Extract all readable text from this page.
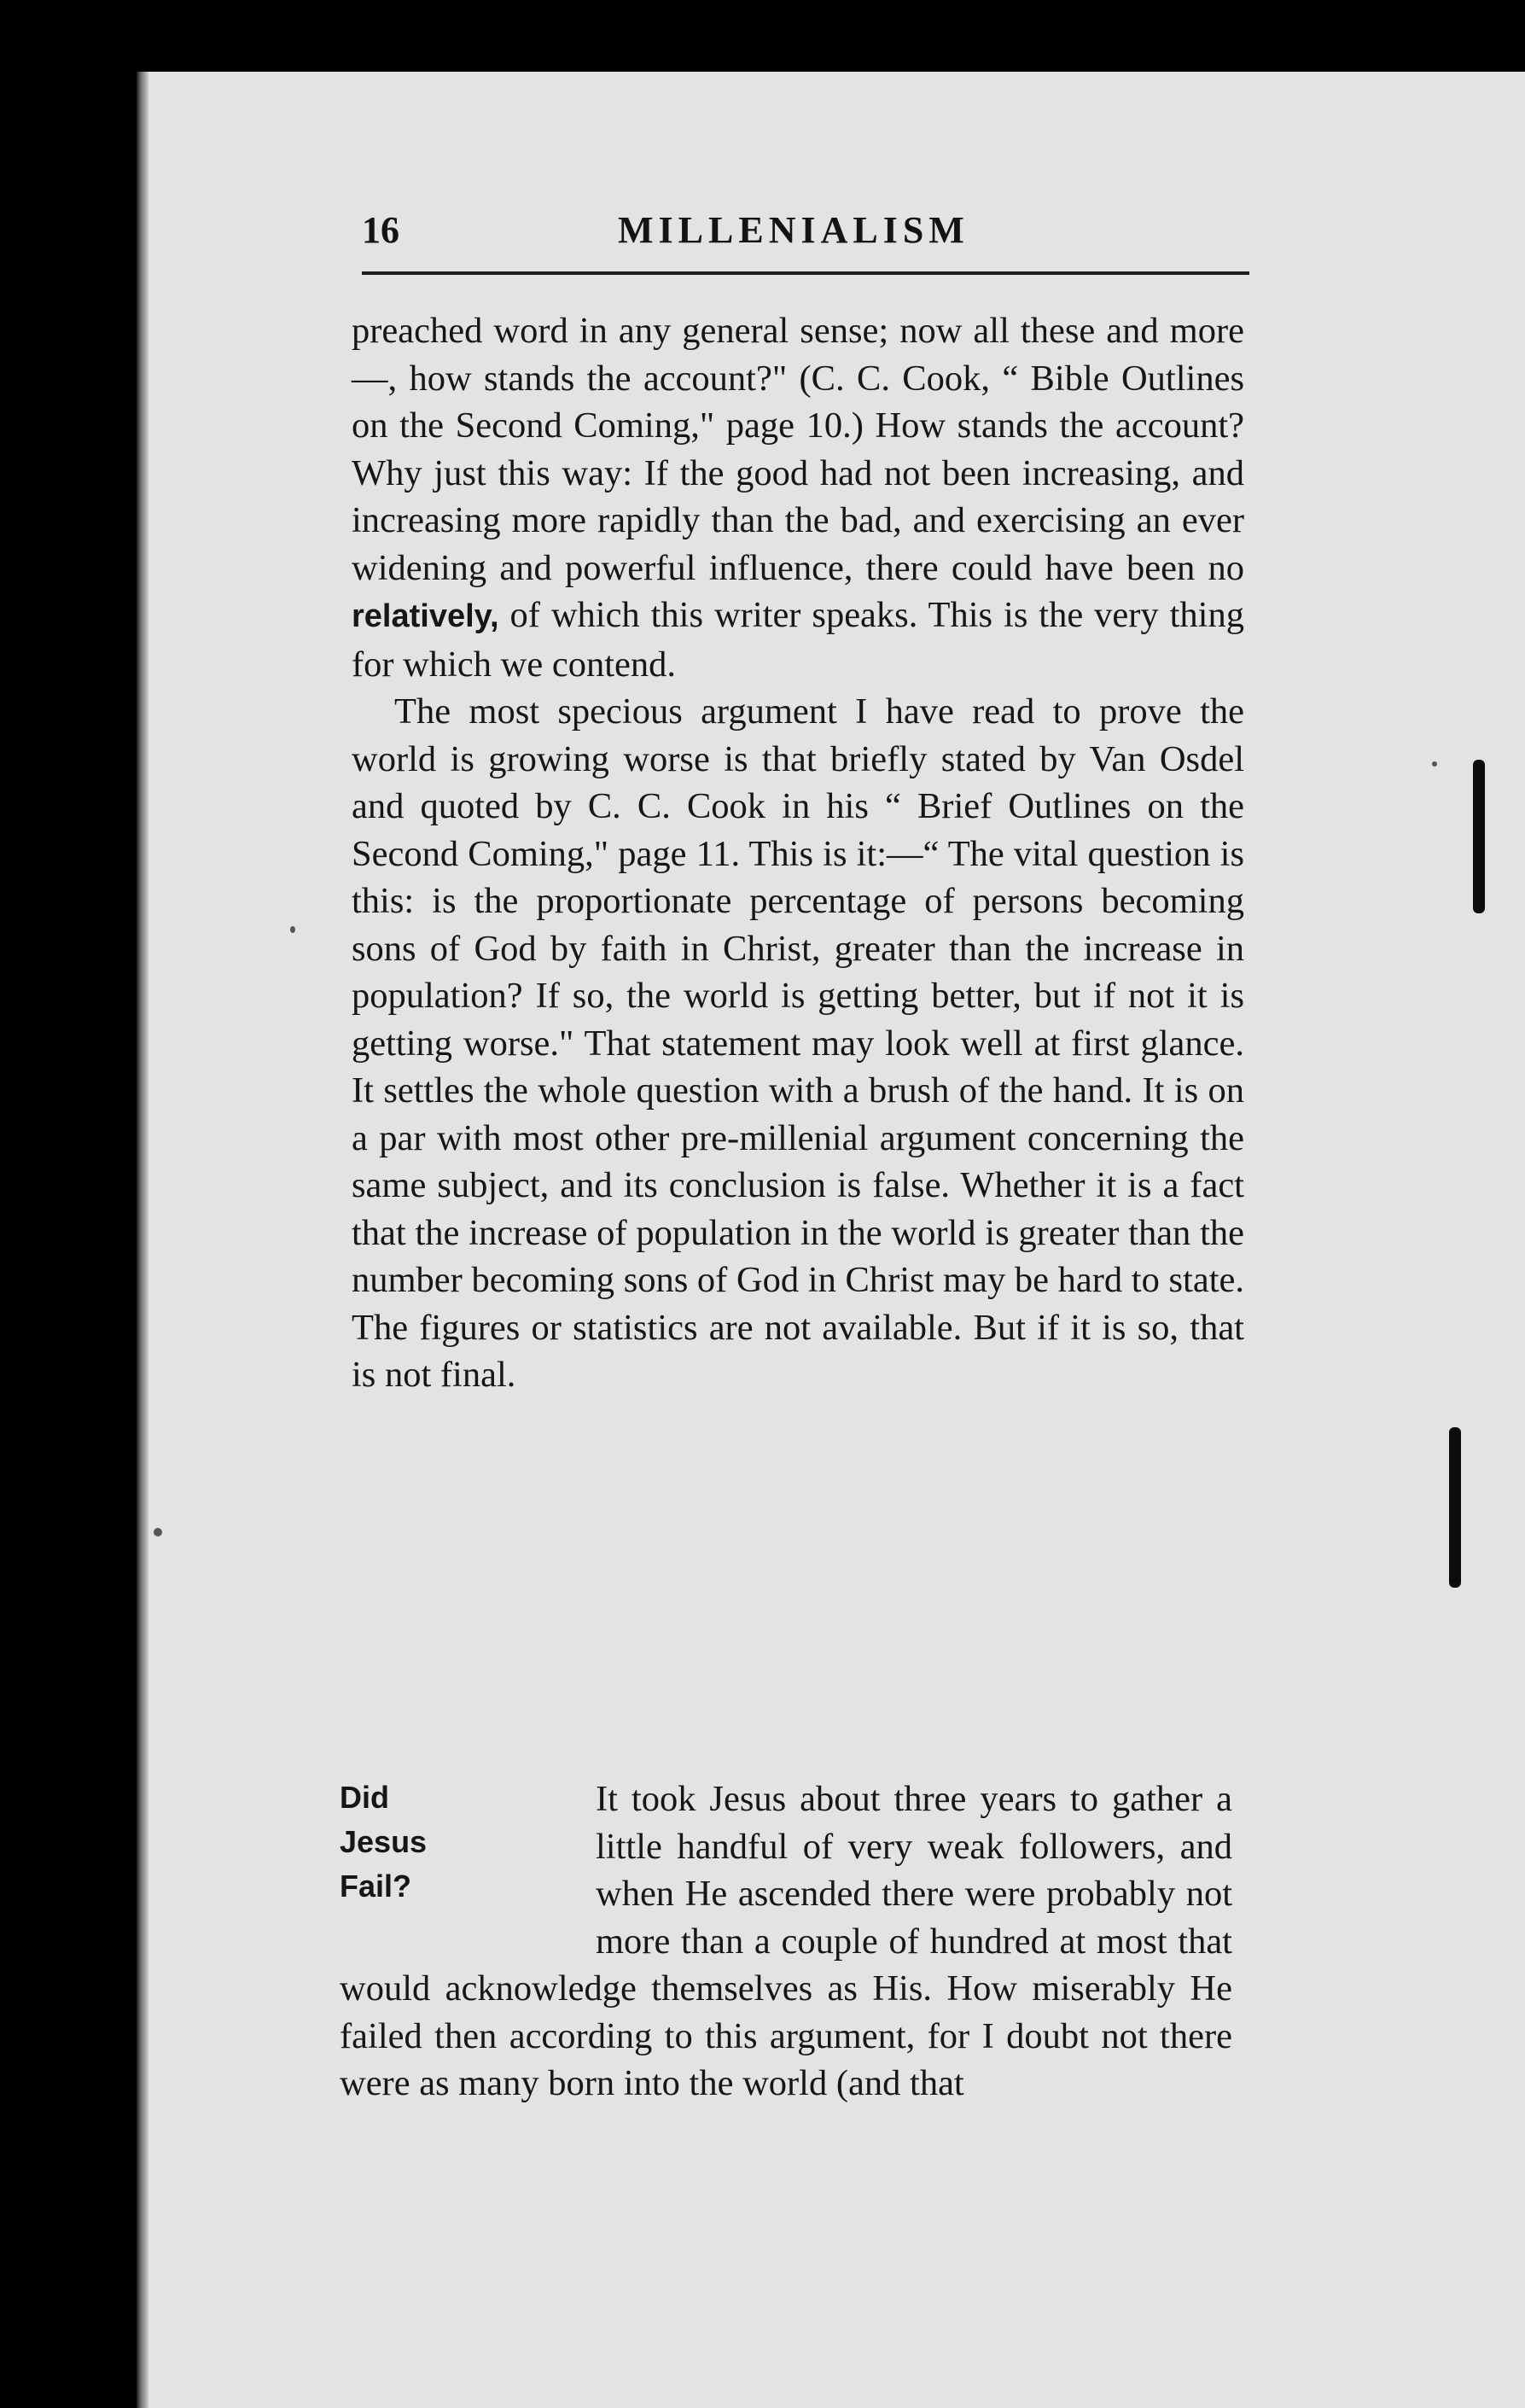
16	MILLENIALISM

preached word in any general sense; now all these and more—, how stands the account?" (C. C. Cook, “ Bible Outlines on the Second Coming," page 10.) How stands the account? Why just this way: If the good had not been increasing, and increasing more rapidly than the bad, and exercising an ever widening and powerful influence, there could have been no relatively, of which this writer speaks. This is the very thing for which we contend.

The most specious argument I have read to prove the world is growing worse is that briefly stated by Van Osdel and quoted by C. C. Cook in his “ Brief Outlines on the Second Coming," page 11. This is it:—“ The vital question is this: is the proportionate percentage of persons becoming sons of God by faith in Christ, greater than the increase in population? If so, the world is getting better, but if not it is getting worse." That statement may look well at first glance. It settles the whole question with a brush of the hand. It is on a par with most other pre-millenial argument concerning the same subject, and its conclusion is false. Whether it is a fact that the increase of population in the world is greater than the number becoming sons of God in Christ may be hard to state. The figures or statistics are not available. But if it is so, that is not final.

Did
Jesus
Fail?

It took Jesus about three years to gather a little handful of very weak followers, and when He ascended there were probably not more than a couple of hundred at most that would acknowledge themselves as His. How miserably He failed then according to this argument, for I doubt not there were as many born into the world (and that
